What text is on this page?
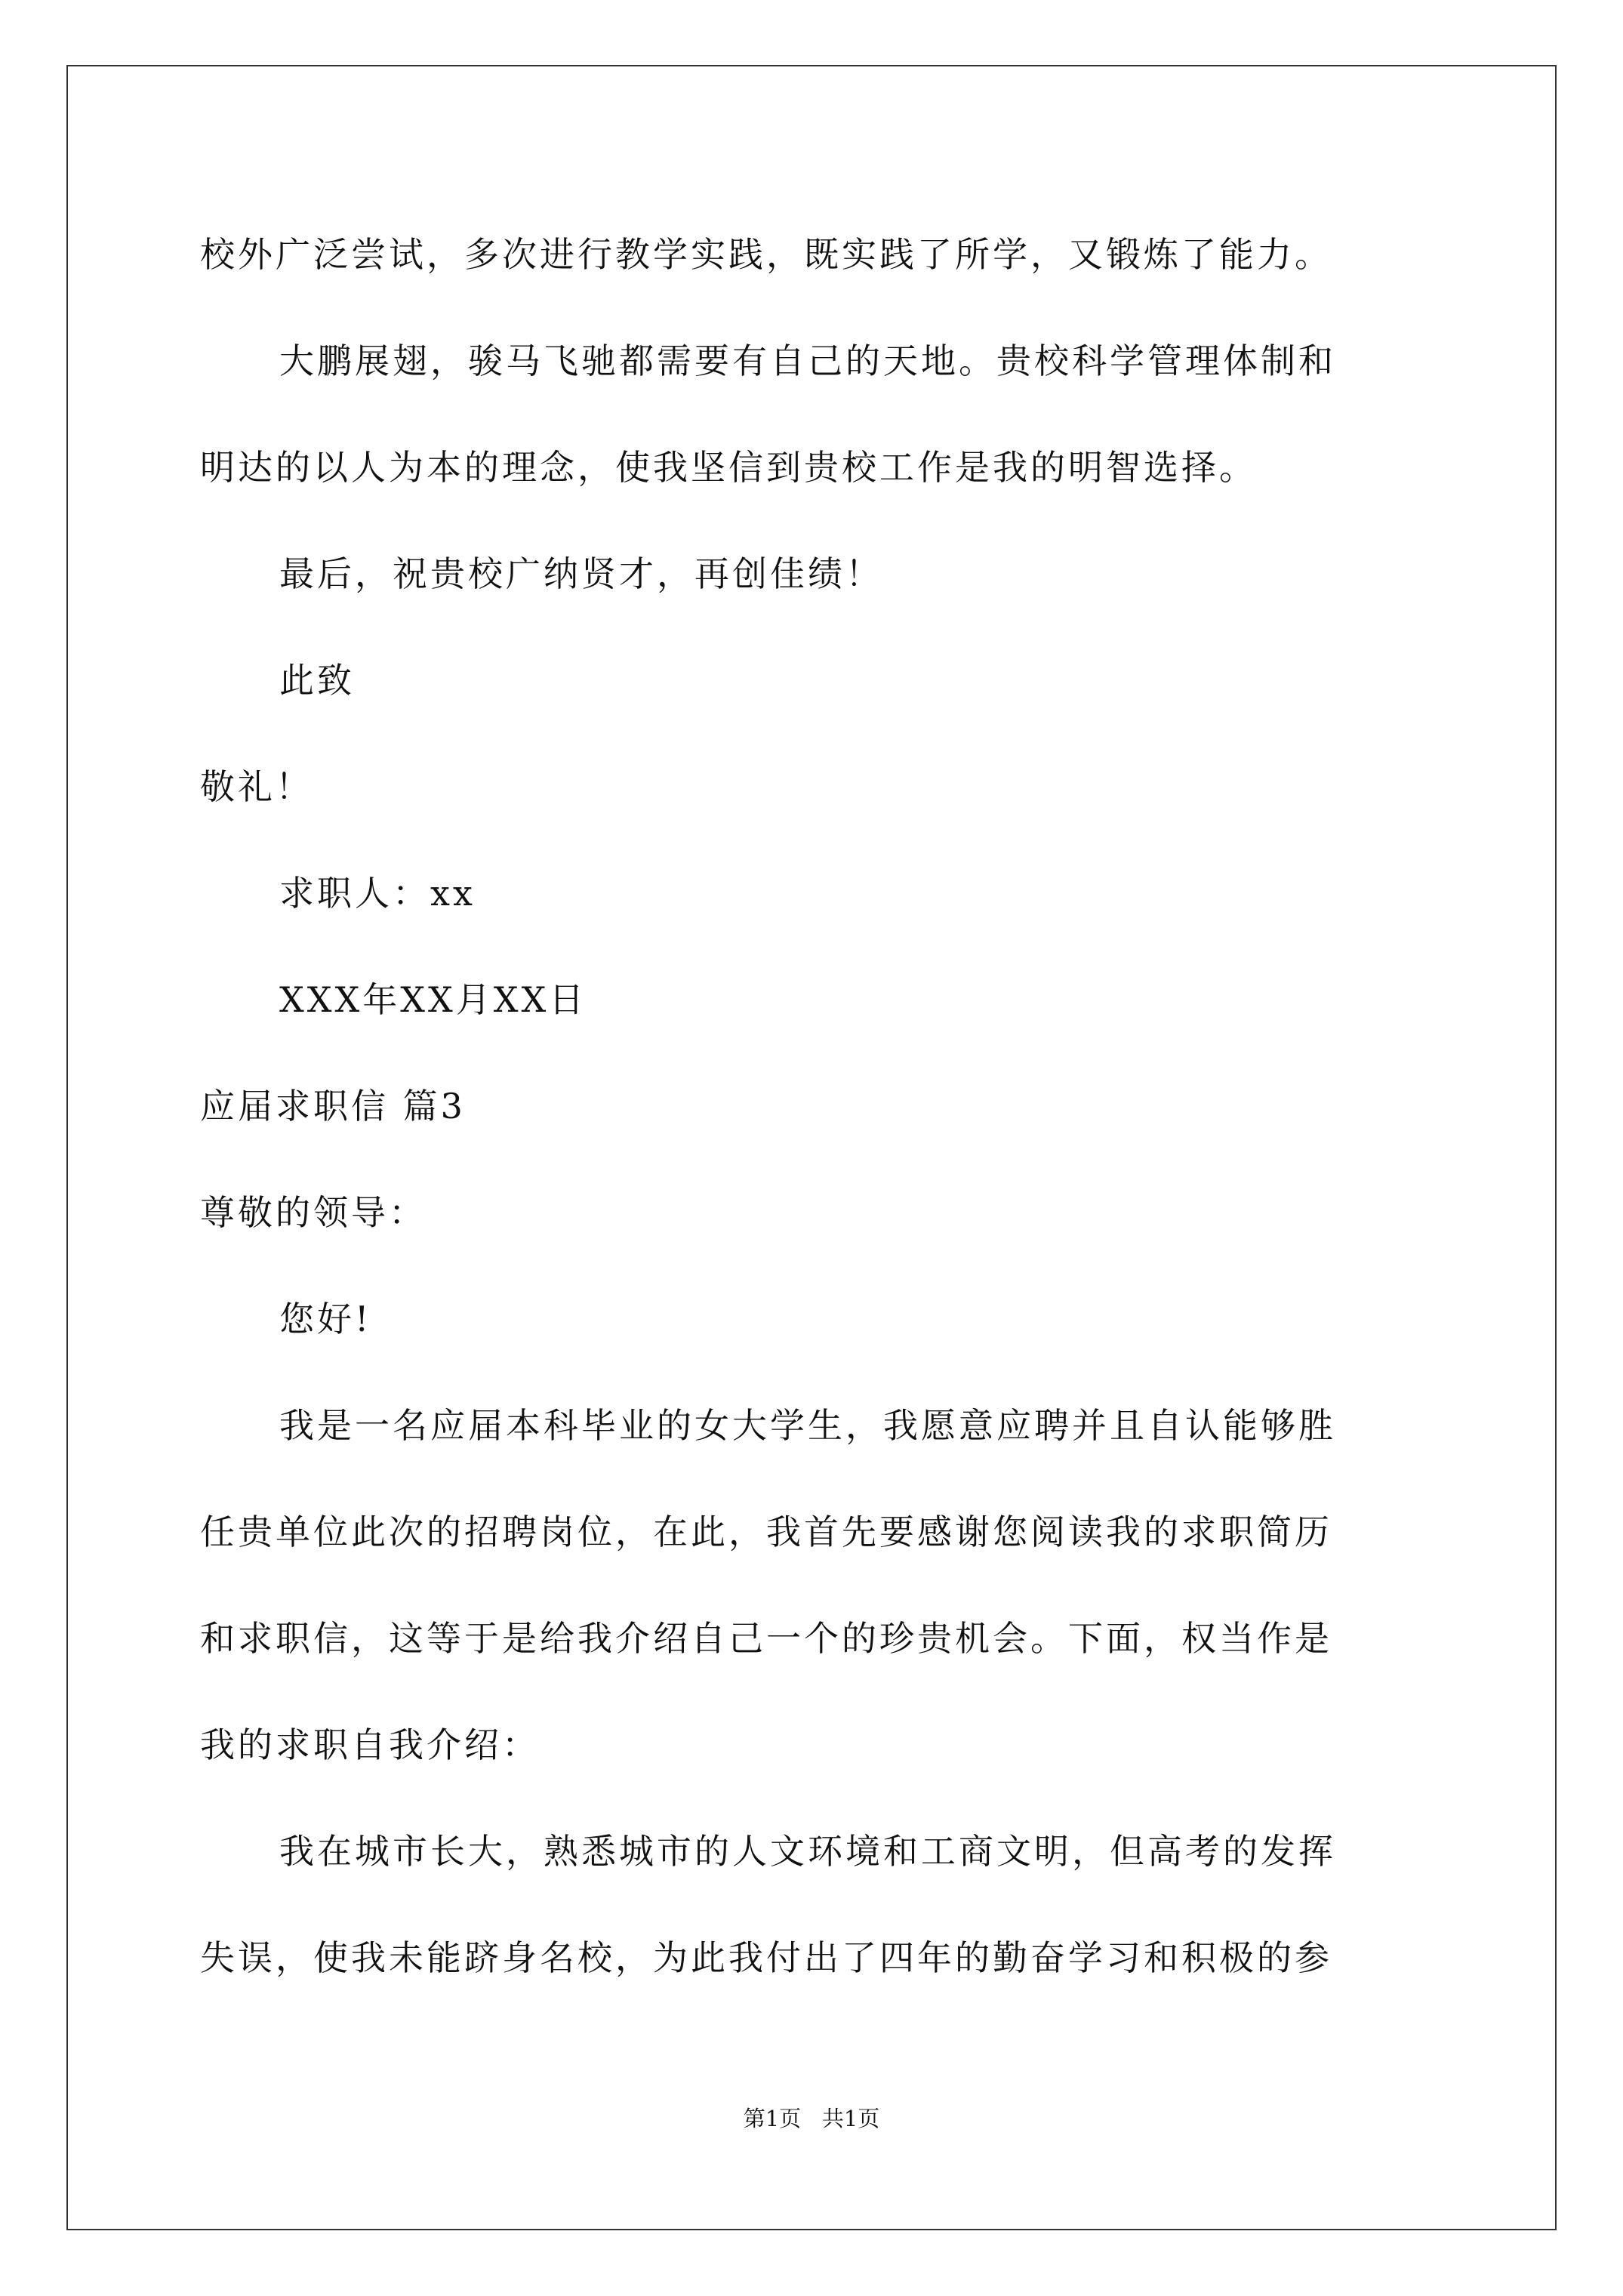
校外广泛尝试，多次进行教学实践，既实践了所学，又锻炼了能力。
大鹏展翅，骏马飞驰都需要有自己的天地。贵校科学管理体制和
明达的以人为本的理念，使我坚信到贵校工作是我的明智选择。
最后，祝贵校广纳贤才，再创佳绩！
此致
敬礼！
求职人：xx
XXX年XX月XX日
应届求职信 篇3
尊敬的领导：
您好!
我是一名应届本科毕业的女大学生，我愿意应聘并且自认能够胜
任贵单位此次的招聘岗位，在此，我首先要感谢您阅读我的求职简历
和求职信，这等于是给我介绍自己一个的珍贵机会。下面，权当作是
我的求职自我介绍：
我在城市长大，熟悉城市的人文环境和工商文明，但高考的发挥
失误，使我未能跻身名校，为此我付出了四年的勤奋学习和积极的参
第1页   共1页
